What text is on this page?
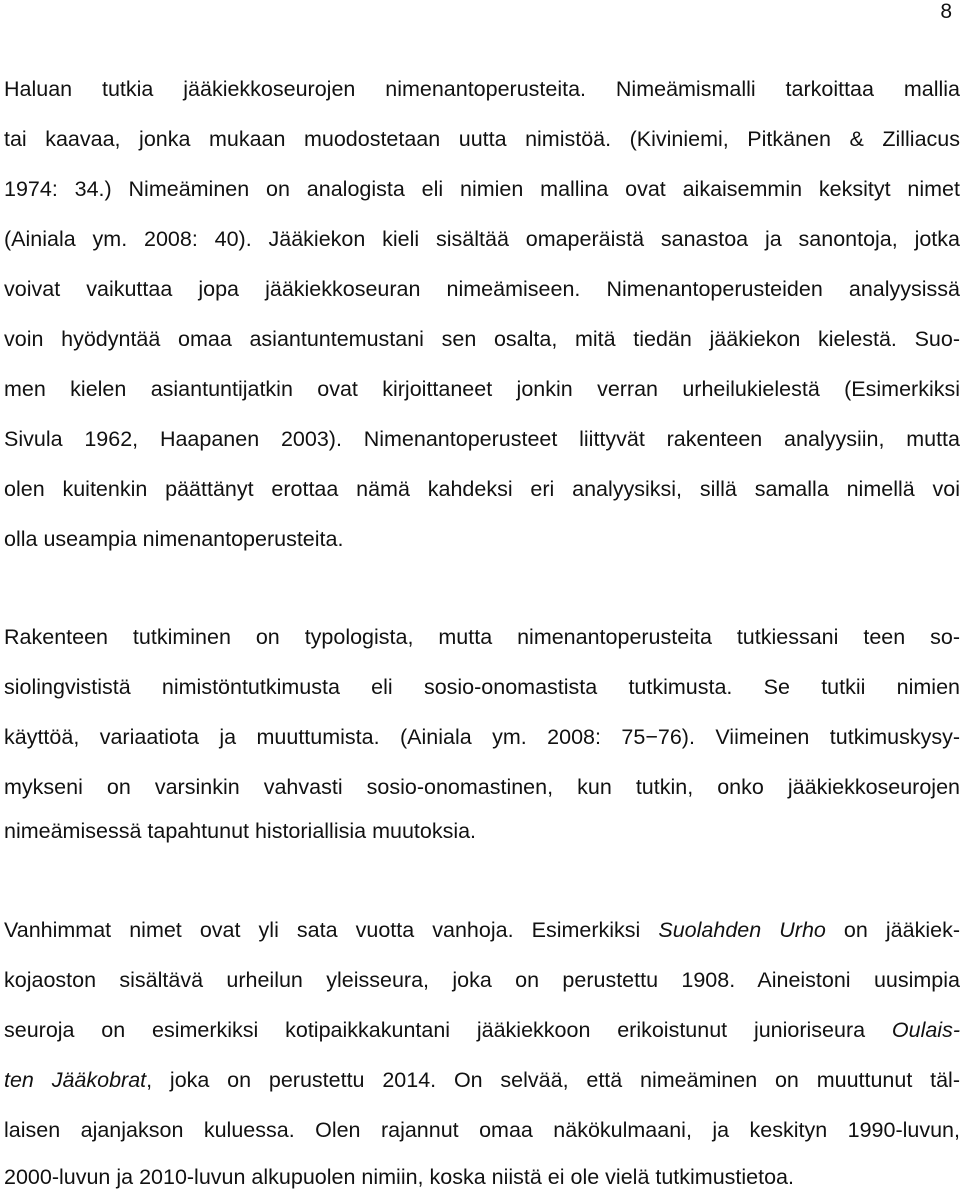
8
Haluan tutkia jääkiekkoseurojen nimenantoperusteita. Nimeämismalli tarkoittaa mallia
tai kaavaa, jonka mukaan muodostetaan uutta nimistöä. (Kiviniemi, Pitkänen & Zilliacus
1974: 34.) Nimeäminen on analogista eli nimien mallina ovat aikaisemmin keksityt nimet
(Ainiala ym. 2008: 40). Jääkiekon kieli sisältää omaperäistä sanastoa ja sanontoja, jotka
voivat vaikuttaa jopa jääkiekkoseuran nimeämiseen. Nimenantoperusteiden analyysissä
voin hyödyntää omaa asiantuntemustani sen osalta, mitä tiedän jääkiekon kielestä. Suo-
men kielen asiantuntijatkin ovat kirjoittaneet jonkin verran urheilukielestä (Esimerkiksi
Sivula 1962, Haapanen 2003). Nimenantoperusteet liittyvät rakenteen analyysiin, mutta
olen kuitenkin päättänyt erottaa nämä kahdeksi eri analyysiksi, sillä samalla nimellä voi
olla useampia nimenantoperusteita.
Rakenteen tutkiminen on typologista, mutta nimenantoperusteita tutkiessani teen so-
siolingvististä nimistöntutkimusta eli sosio-onomastista tutkimusta. Se tutkii nimien
käyttöä, variaatiota ja muuttumista. (Ainiala ym. 2008: 75−76). Viimeinen tutkimuskysy-
mykseni on varsinkin vahvasti sosio-onomastinen, kun tutkin, onko jääkiekkoseurojen
nimeämisessä tapahtunut historiallisia muutoksia.
Vanhimmat nimet ovat yli sata vuotta vanhoja. Esimerkiksi Suolahden Urho on jääkiek-
kojaoston sisältävä urheilun yleisseura, joka on perustettu 1908. Aineistoni uusimpia
seuroja on esimerkiksi kotipaikkakuntani jääkiekkoon erikoistunut junioriseura Oulais-
ten Jääkobrat, joka on perustettu 2014. On selvää, että nimeäminen on muuttunut täl-
laisen ajanjakson kuluessa. Olen rajannut omaa näkökulmaani, ja keskityn 1990-luvun,
2000-luvun ja 2010-luvun alkupuolen nimiin, koska niistä ei ole vielä tutkimustietoa.
